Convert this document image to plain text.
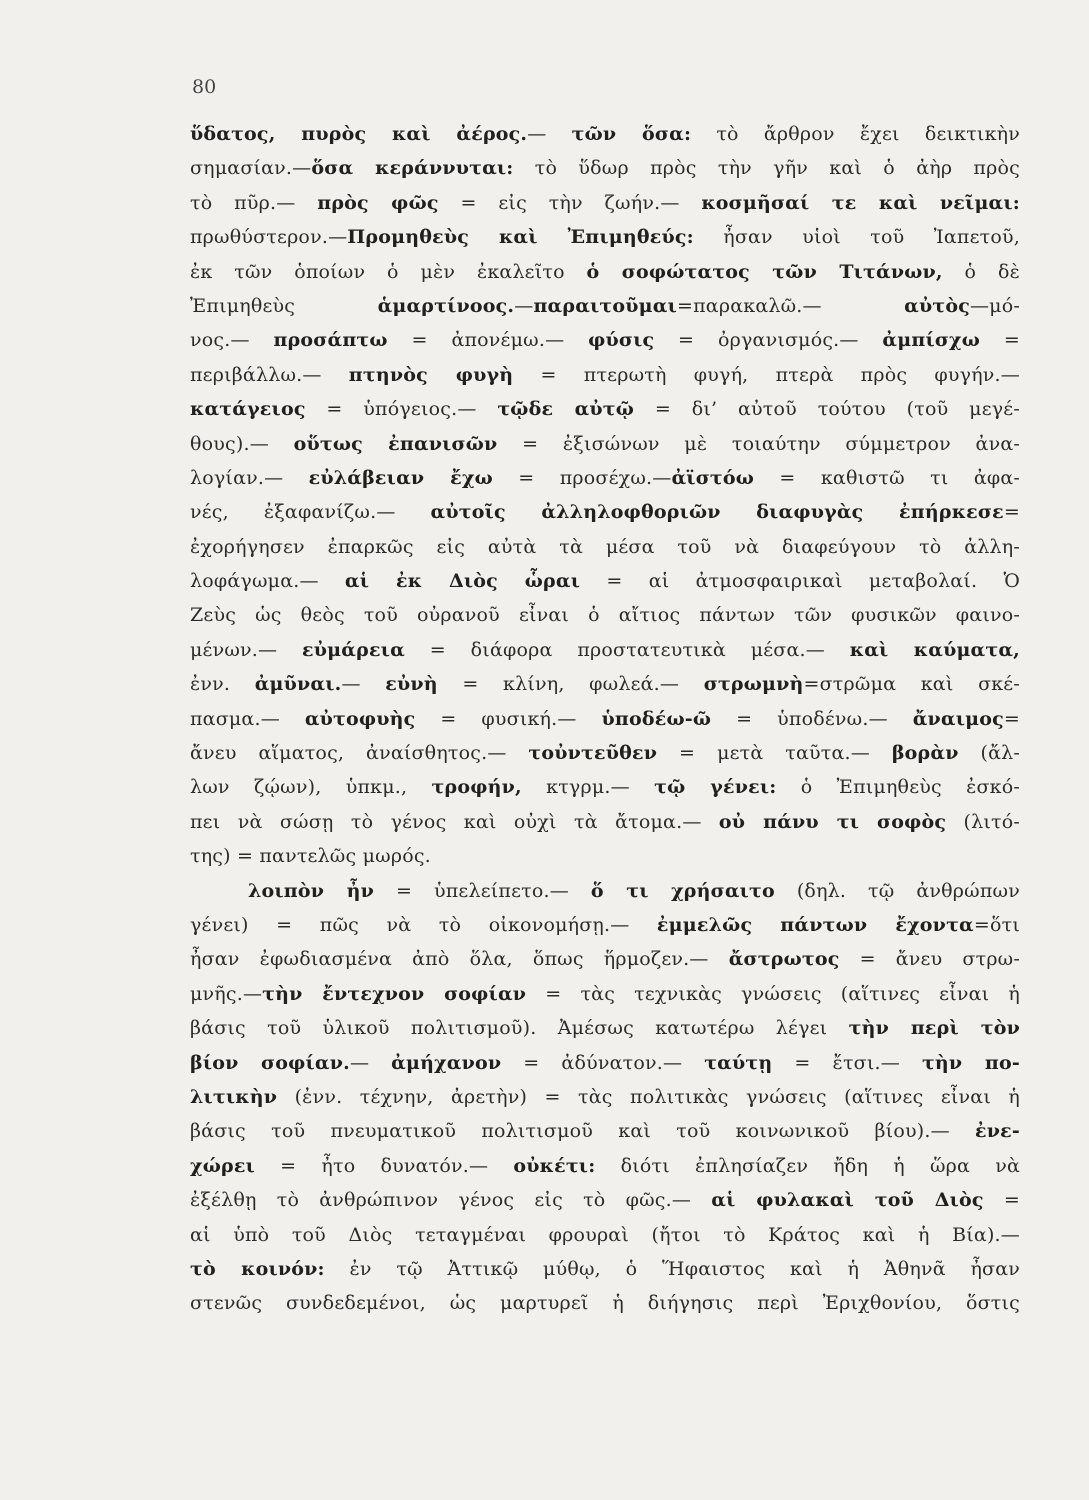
80
ὕδατος, πυρὸς καὶ ἀέρος.— τῶν ὅσα: τὸ ἄρθρον ἔχει δεικτικὴν
σημασίαν.—ὅσα κεράννυται: τὸ ὕδωρ πρὸς τὴν γῆν καὶ ὁ ἀὴρ πρὸς
τὸ πῦρ.— πρὸς φῶς = εἰς τὴν ζωήν.— κοσμῆσαί τε καὶ νεῖμαι:
πρωθύστερον.—Προμηθεὺς καὶ Ἐπιμηθεύς: ἦσαν υἱοὶ τοῦ Ἰαπετοῦ,
ἐκ τῶν ὁποίων ὁ μὲν ἐκαλεῖτο ὁ σοφώτατος τῶν Τιτάνων, ὁ δὲ
Ἐπιμηθεὺς ἁμαρτίνοος.—παραιτοῦμαι=παρακαλῶ.— αὐτὸς—μό-
νος.— προσάπτω = ἀπονέμω.— φύσις = ὀργανισμός.— ἀμπίσχω =
περιβάλλω.— πτηνὸς φυγὴ = πτερωτὴ φυγή, πτερὰ πρὸς φυγήν.—
κατάγειος = ὑπόγειος.— τῷδε αὐτῷ = δι’ αὐτοῦ τούτου (τοῦ μεγέ-
θους).— οὕτως ἐπανισῶν = ἐξισώνων μὲ τοιαύτην σύμμετρον ἀνα-
λογίαν.— εὐλάβειαν ἔχω = προσέχω.—ἀϊστόω = καθιστῶ τι ἀφα-
νές, ἐξαφανίζω.— αὐτοῖς ἀλληλοφθοριῶν διαφυγὰς ἐπήρκεσε=
ἐχορήγησεν ἐπαρκῶς εἰς αὐτὰ τὰ μέσα τοῦ νὰ διαφεύγουν τὸ ἀλλη-
λοφάγωμα.— αἱ ἐκ Διὸς ὧραι = αἱ ἀτμοσφαιρικαὶ μεταβολαί. Ὁ
Ζεὺς ὡς θεὸς τοῦ οὐρανοῦ εἶναι ὁ αἴτιος πάντων τῶν φυσικῶν φαινο-
μένων.— εὐμάρεια = διάφορα προστατευτικὰ μέσα.— καὶ καύματα,
ἐνν. ἀμῦναι.— εὐνὴ = κλίνη, φωλεά.— στρωμνὴ=στρῶμα καὶ σκέ-
πασμα.— αὐτοφυὴς = φυσική.— ὑποδέω-ῶ = ὑποδένω.— ἄναιμος=
ἄνευ αἵματος, ἀναίσθητος.— τοὐντεῦθεν = μετὰ ταῦτα.— βορὰν (ἄλ-
λων ζῴων), ὑπκμ., τροφήν, κτγρμ.— τῷ γένει: ὁ Ἐπιμηθεὺς ἐσκό-
πει νὰ σώσῃ τὸ γένος καὶ οὐχὶ τὰ ἄτομα.— οὐ πάνυ τι σοφὸς (λιτό-
της) = παντελῶς μωρός.
λοιπὸν ἦν = ὑπελείπετο.— ὅ τι χρήσαιτο (δηλ. τῷ ἀνθρώπων
γένει) = πῶς νὰ τὸ οἰκονομήσῃ.— ἐμμελῶς πάντων ἔχοντα=ὅτι
ἦσαν ἐφωδιασμένα ἀπὸ ὅλα, ὅπως ἥρμοζεν.— ἄστρωτος = ἄνευ στρω-
μνῆς.—τὴν ἔντεχνον σοφίαν = τὰς τεχνικὰς γνώσεις (αἵτινες εἶναι ἡ
βάσις τοῦ ὑλικοῦ πολιτισμοῦ). Ἀμέσως κατωτέρω λέγει τὴν περὶ τὸν
βίον σοφίαν.— ἀμήχανον = ἀδύνατον.— ταύτῃ = ἔτσι.— τὴν πο-
λιτικὴν (ἐνν. τέχνην, ἀρετὴν) = τὰς πολιτικὰς γνώσεις (αἵτινες εἶναι ἡ
βάσις τοῦ πνευματικοῦ πολιτισμοῦ καὶ τοῦ κοινωνικοῦ βίου).— ἐνε-
χώρει = ἦτο δυνατόν.— οὐκέτι: διότι ἐπλησίαζεν ἤδη ἡ ὥρα νὰ
ἐξέλθῃ τὸ ἀνθρώπινον γένος εἰς τὸ φῶς.— αἱ φυλακαὶ τοῦ Διὸς =
αἱ ὑπὸ τοῦ Διὸς τεταγμέναι φρουραὶ (ἤτοι τὸ Κράτος καὶ ἡ Βία).—
τὸ κοινόν: ἐν τῷ Ἀττικῷ μύθῳ, ὁ Ἥφαιστος καὶ ἡ Ἀθηνᾶ ἦσαν
στενῶς συνδεδεμένοι, ὡς μαρτυρεῖ ἡ διήγησις περὶ Ἐριχθονίου, ὅστις
